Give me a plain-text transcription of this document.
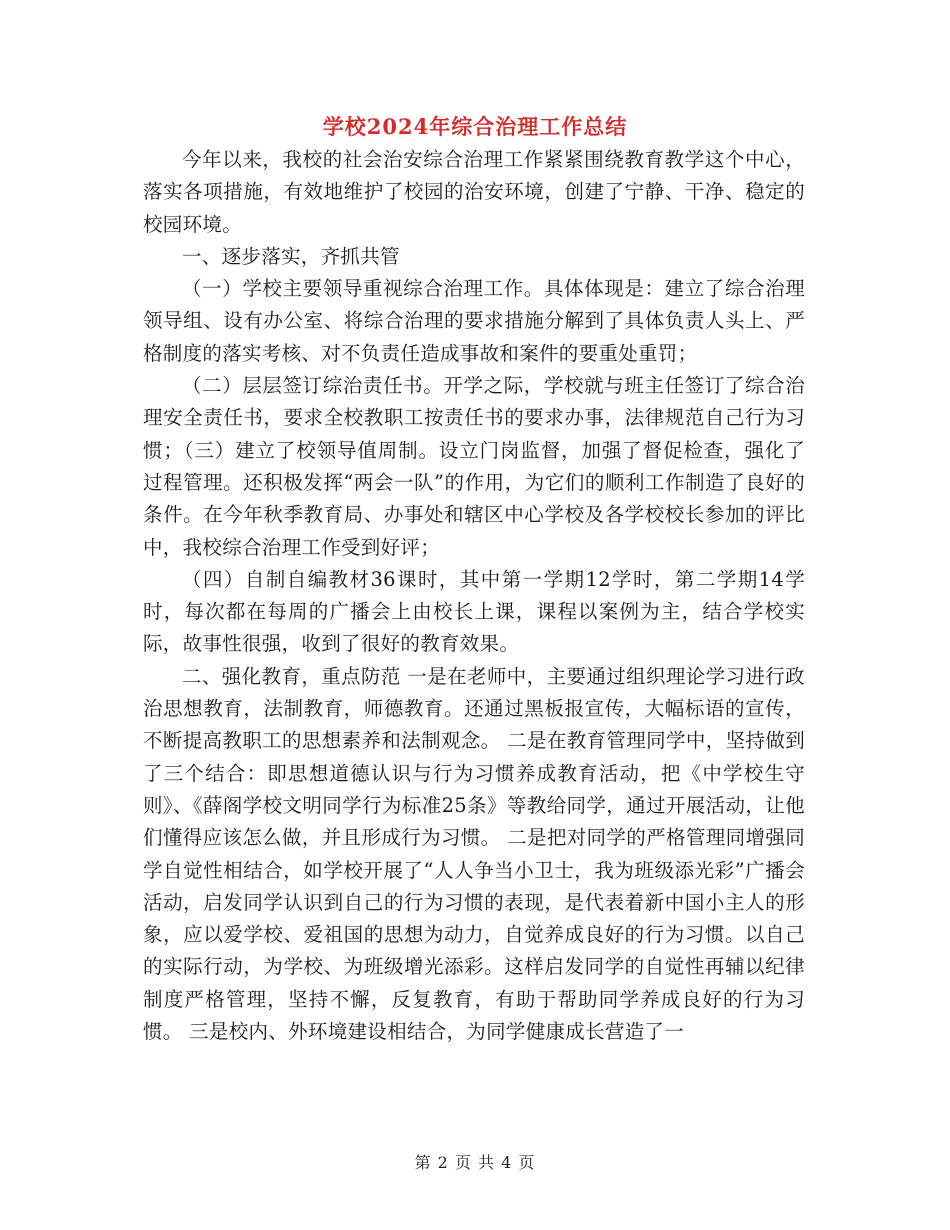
学校2024年综合治理工作总结

今年以来，我校的社会治安综合治理工作紧紧围绕教育教学这个中心，落实各项措施，有效地维护了校园的治安环境，创建了宁静、干净、稳定的校园环境。

一、逐步落实，齐抓共管

（一）学校主要领导重视综合治理工作。具体体现是：建立了综合治理领导组、设有办公室、将综合治理的要求措施分解到了具体负责人头上、严格制度的落实考核、对不负责任造成事故和案件的要重处重罚；

（二）层层签订综治责任书。开学之际，学校就与班主任签订了综合治理安全责任书，要求全校教职工按责任书的要求办事，法律规范自己行为习惯；（三）建立了校领导值周制。设立门岗监督，加强了督促检查，强化了过程管理。还积极发挥“两会一队”的作用，为它们的顺利工作制造了良好的条件。在今年秋季教育局、办事处和辖区中心学校及各学校校长参加的评比中，我校综合治理工作受到好评；

（四）自制自编教材36课时，其中第一学期12学时，第二学期14学时，每次都在每周的广播会上由校长上课，课程以案例为主，结合学校实际，故事性很强，收到了很好的教育效果。

二、强化教育，重点防范 一是在老师中，主要通过组织理论学习进行政治思想教育，法制教育，师德教育。还通过黑板报宣传，大幅标语的宣传，不断提高教职工的思想素养和法制观念。 二是在教育管理同学中，坚持做到了三个结合：即思想道德认识与行为习惯养成教育活动，把《中学校生守则》、《薛阁学校文明同学行为标准25条》等教给同学，通过开展活动，让他们懂得应该怎么做，并且形成行为习惯。 二是把对同学的严格管理同增强同学自觉性相结合，如学校开展了“人人争当小卫士，我为班级添光彩”广播会活动，启发同学认识到自己的行为习惯的表现，是代表着新中国小主人的形象，应以爱学校、爱祖国的思想为动力，自觉养成良好的行为习惯。以自己的实际行动，为学校、为班级增光添彩。这样启发同学的自觉性再辅以纪律制度严格管理，坚持不懈，反复教育，有助于帮助同学养成良好的行为习惯。 三是校内、外环境建设相结合，为同学健康成长营造了一

第 2 页 共 4 页
